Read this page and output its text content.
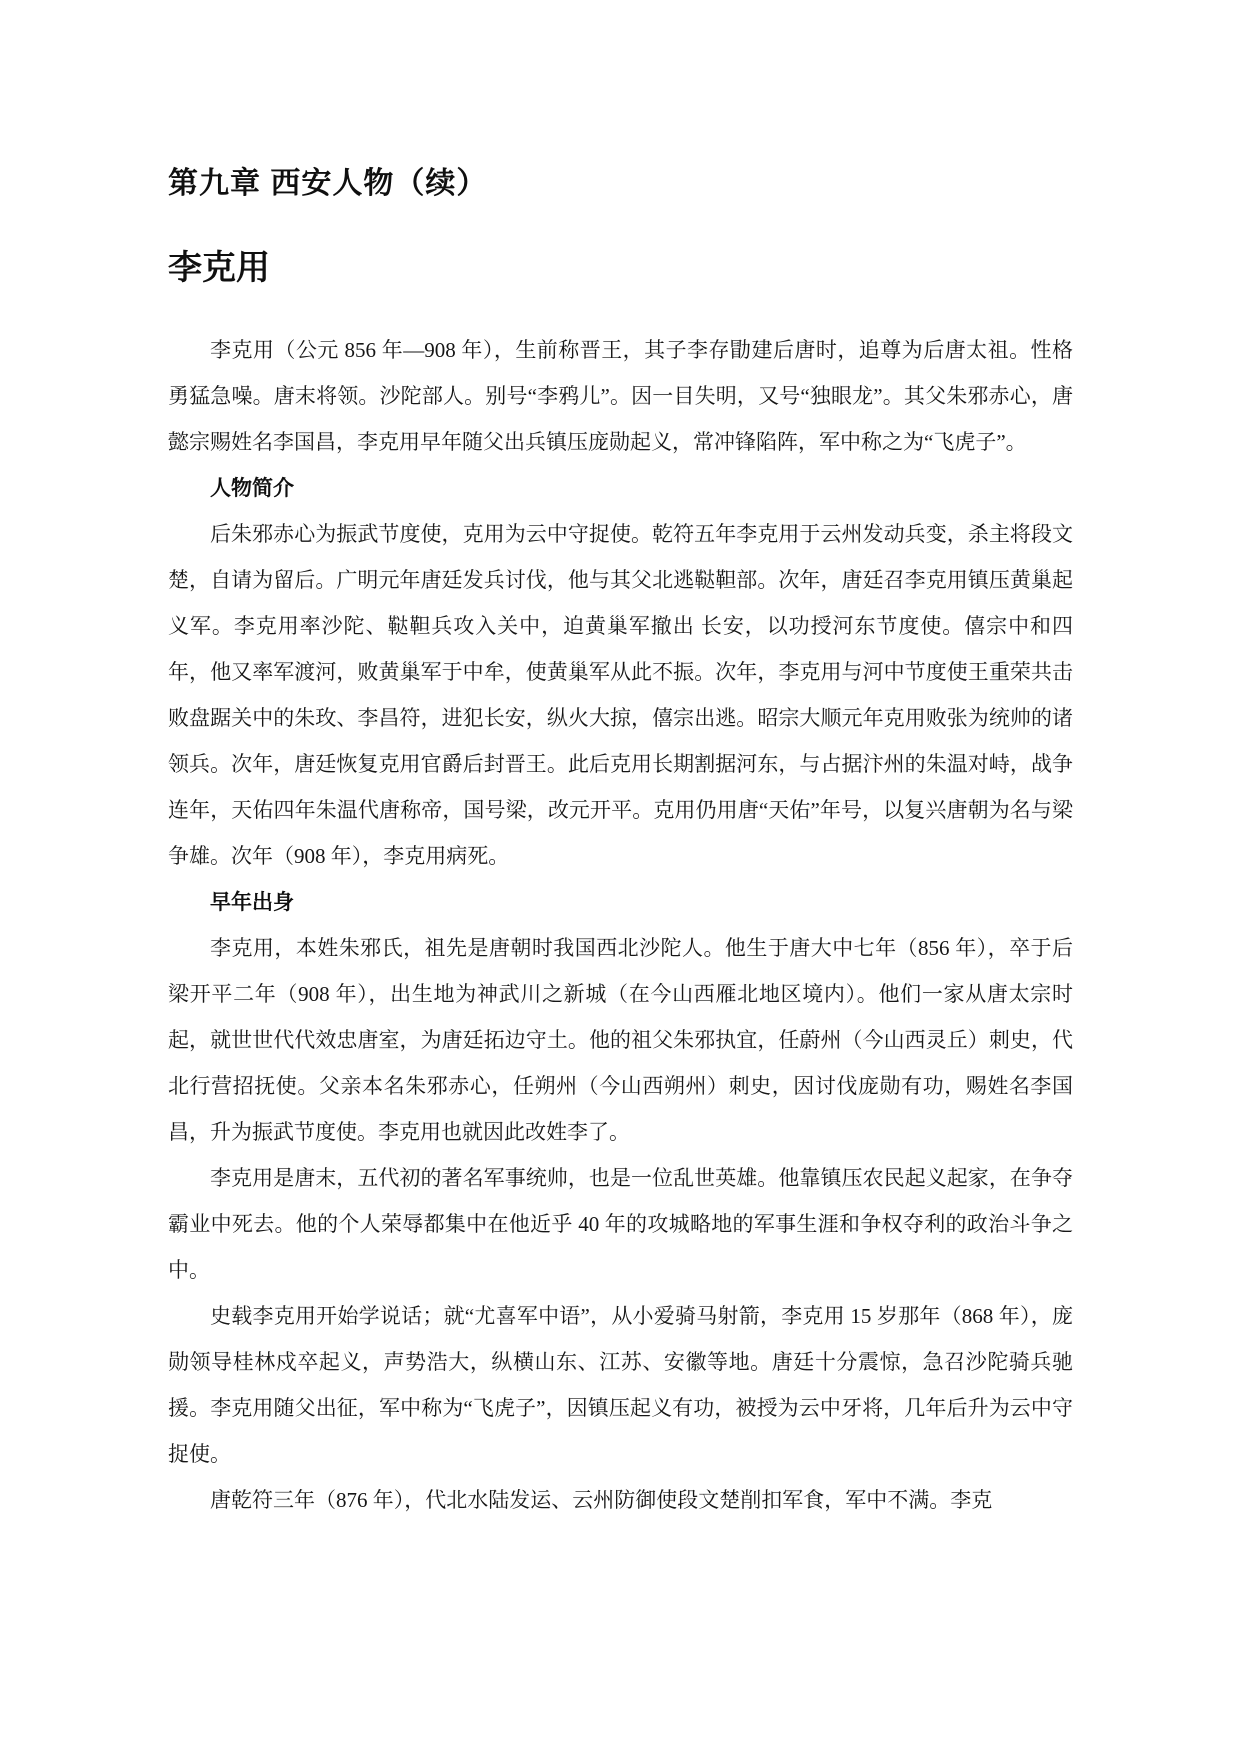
第九章 西安人物（续）
李克用

李克用（公元 856 年—908 年），生前称晋王，其子李存勖建后唐时，追尊为后唐太祖。性格勇猛急噪。唐末将领。沙陀部人。别号“李鸦儿”。因一目失明，又号“独眼龙”。其父朱邪赤心，唐懿宗赐姓名李国昌，李克用早年随父出兵镇压庞勋起义，常冲锋陷阵，军中称之为“飞虎子”。

人物简介

后朱邪赤心为振武节度使，克用为云中守捉使。乾符五年李克用于云州发动兵变，杀主将段文楚，自请为留后。广明元年唐廷发兵讨伐，他与其父北逃鞑靼部。次年，唐廷召李克用镇压黄巢起义军。李克用率沙陀、鞑靼兵攻入关中，迫黄巢军撤出 长安，以功授河东节度使。僖宗中和四年，他又率军渡河，败黄巢军于中牟，使黄巢军从此不振。次年，李克用与河中节度使王重荣共击败盘踞关中的朱玫、李昌符，进犯长安，纵火大掠，僖宗出逃。昭宗大顺元年克用败张为统帅的诸领兵。次年，唐廷恢复克用官爵后封晋王。此后克用长期割据河东，与占据汴州的朱温对峙，战争连年，天佑四年朱温代唐称帝，国号梁，改元开平。克用仍用唐“天佑”年号，以复兴唐朝为名与梁争雄。次年（908 年），李克用病死。

早年出身

李克用，本姓朱邪氏，祖先是唐朝时我国西北沙陀人。他生于唐大中七年（856 年），卒于后梁开平二年（908 年），出生地为神武川之新城（在今山西雁北地区境内）。他们一家从唐太宗时起，就世世代代效忠唐室，为唐廷拓边守土。他的祖父朱邪执宜，任蔚州（今山西灵丘）刺史，代北行营招抚使。父亲本名朱邪赤心，任朔州（今山西朔州）刺史，因讨伐庞勋有功，赐姓名李国昌，升为振武节度使。李克用也就因此改姓李了。

李克用是唐末，五代初的著名军事统帅，也是一位乱世英雄。他靠镇压农民起义起家，在争夺霸业中死去。他的个人荣辱都集中在他近乎 40 年的攻城略地的军事生涯和争权夺利的政治斗争之中。

史载李克用开始学说话；就“尤喜军中语”，从小爱骑马射箭，李克用 15 岁那年（868 年），庞勋领导桂林戍卒起义，声势浩大，纵横山东、江苏、安徽等地。唐廷十分震惊，急召沙陀骑兵驰援。李克用随父出征，军中称为“飞虎子”，因镇压起义有功，被授为云中牙将，几年后升为云中守捉使。

唐乾符三年（876 年），代北水陆发运、云州防御使段文楚削扣军食，军中不满。李克
